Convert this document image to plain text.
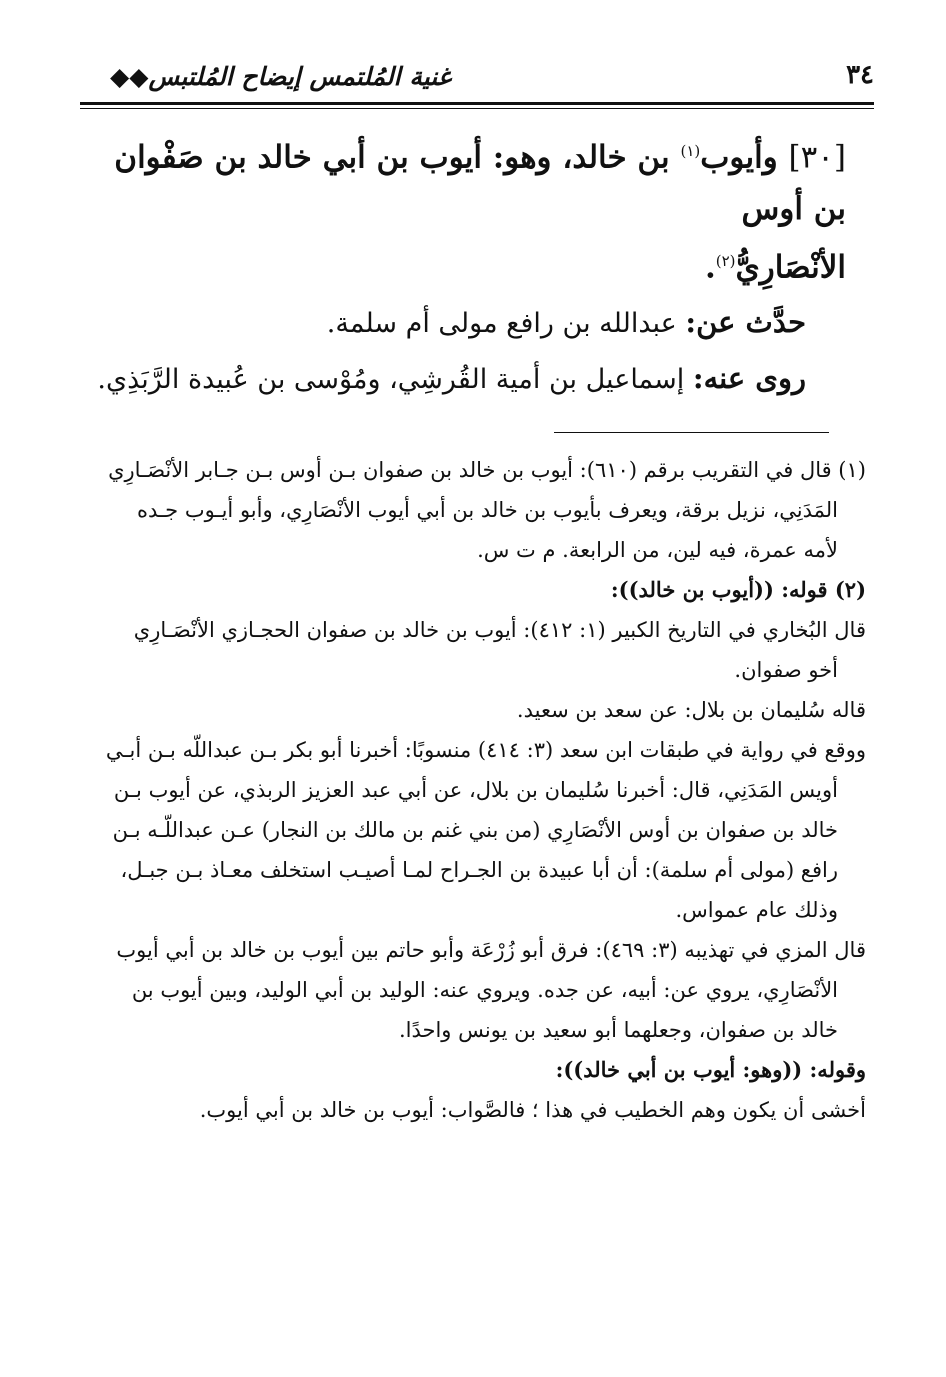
٣٤
غنية المُلتمس إيضاح المُلتبس◆◆

[٣٠] وأيوب$^{(١)}$ بن خالد، وهو: أيوب بن أبي خالد بن صَفْوان بن أوس

الأنْصَارِيُّ$^{(٢)}$.

حدَّث عن: عبدالله بن رافع مولى أم سلمة.

روى عنه: إسماعيل بن أمية القُرشِي، ومُوْسى بن عُبيدة الرَّبَذِي.

(١) قال في التقريب برقم (٦١٠): أيوب بن خالد بن صفوان بـن أوس بـن جـابر الأنْصَـارِي

المَدَنِي، نزيل برقة، ويعرف بأيوب بن خالد بن أبي أيوب الأنْصَارِي، وأبو أيـوب جـده

لأمه عمرة، فيه لين، من الرابعة. م ت س.

(٢) قوله: ((أيوب بن خالد)):

قال البُخاري في التاريخ الكبير (١: ٤١٢): أيوب بن خالد بن صفوان الحجـازي الأنْصَـارِي

أخو صفوان.

قاله سُليمان بن بلال: عن سعد بن سعيد.

ووقع في رواية في طبقات ابن سعد (٣: ٤١٤) منسوبًا: أخبرنا أبو بكر بـن عبداللّه بـن أبـي

أويس المَدَنِي، قال: أخبرنا سُليمان بن بلال، عن أبي عبد العزيز الربذي، عن أيوب بـن

خالد بن صفوان بن أوس الأنْصَارِي (من بني غنم بن مالك بن النجار) عـن عبداللّـه بـن

رافع (مولى أم سلمة): أن أبا عبيدة بن الجـراح لمـا أصيـب استخلف معـاذ بـن جبـل،

وذلك عام عمواس.

قال المزي في تهذيبه (٣: ٤٦٩): فرق أبو زُرْعَة وأبو حاتم بين أيوب بن خالد بن أبي أيوب

الأنْصَارِي، يروي عن: أبيه، عن جده. ويروي عنه: الوليد بن أبي الوليد، وبين أيوب بن

خالد بن صفوان، وجعلهما أبو سعيد بن يونس واحدًا.

وقوله: ((وهو: أيوب بن أبي خالد)):

أخشى أن يكون وهم الخطيب في هذا ؛ فالصَّواب: أيوب بن خالد بن أبي أيوب.
